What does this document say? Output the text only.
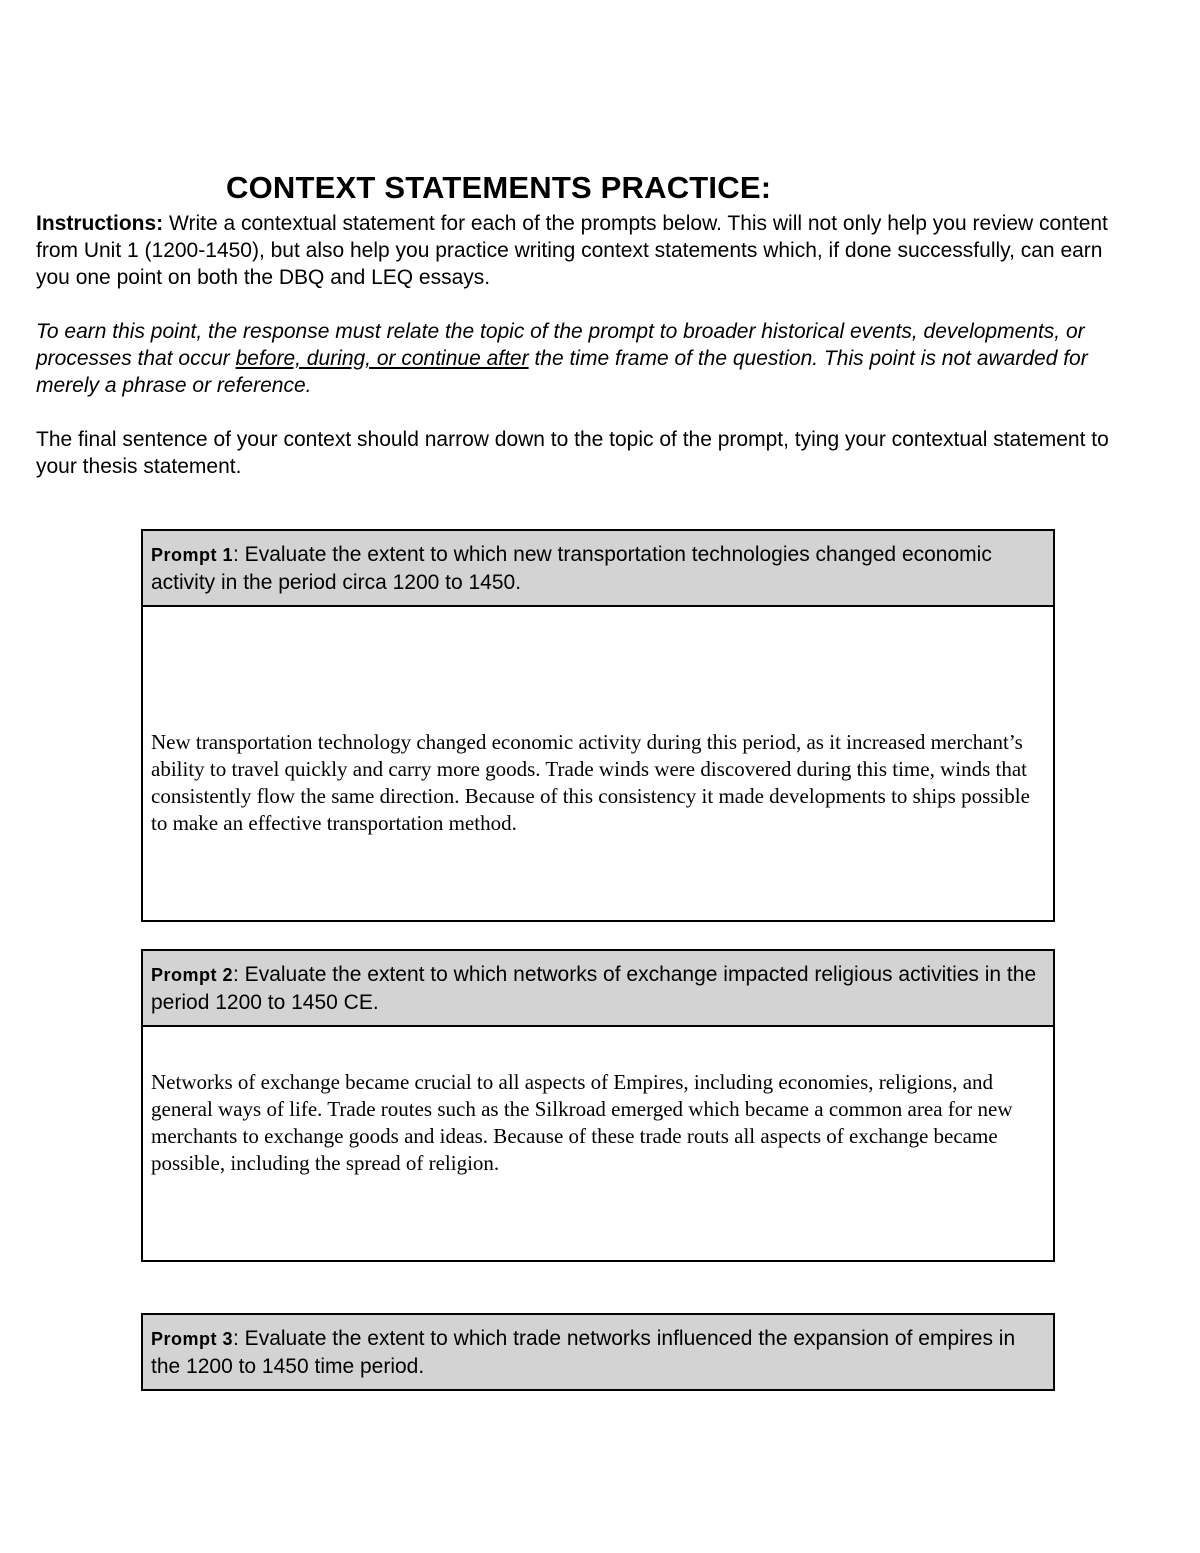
CONTEXT STATEMENTS PRACTICE:

Instructions: Write a contextual statement for each of the prompts below. This will not only help you review content from Unit 1 (1200-1450), but also help you practice writing context statements which, if done successfully, can earn you one point on both the DBQ and LEQ essays.

To earn this point, the response must relate the topic of the prompt to broader historical events, developments, or processes that occur before, during, or continue after the time frame of the question. This point is not awarded for merely a phrase or reference.

The final sentence of your context should narrow down to the topic of the prompt, tying your contextual statement to your thesis statement.

Prompt 1: Evaluate the extent to which new transportation technologies changed economic activity in the period circa 1200 to 1450.
New transportation technology changed economic activity during this period, as it increased merchant’s ability to travel quickly and carry more goods. Trade winds were discovered during this time, winds that consistently flow the same direction. Because of this consistency it made developments to ships possible to make an effective transportation method.
Prompt 2: Evaluate the extent to which networks of exchange impacted religious activities in the period 1200 to 1450 CE.
Networks of exchange became crucial to all aspects of Empires, including economies, religions, and general ways of life. Trade routes such as the Silkroad emerged which became a common area for new merchants to exchange goods and ideas. Because of these trade routs all aspects of exchange became possible, including the spread of religion.
Prompt 3: Evaluate the extent to which trade networks influenced the expansion of empires in the 1200 to 1450 time period.
